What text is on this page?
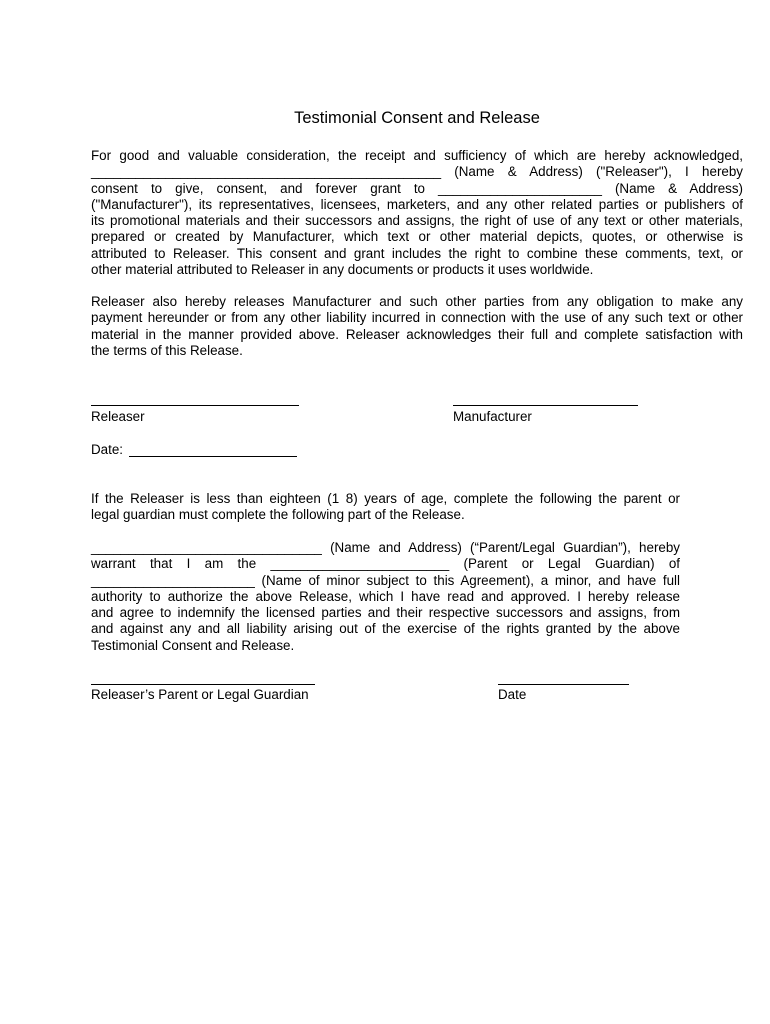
Testimonial Consent and Release
For good and valuable consideration, the receipt and sufficiency of which are hereby acknowledged,
_______________________________________________ (Name & Address) ("Releaser"), I hereby
consent to give, consent, and forever grant to ______________________ (Name & Address)
("Manufacturer"), its representatives, licensees, marketers, and any other related parties or publishers of
its promotional materials and their successors and assigns, the right of use of any text or other materials,
prepared or created by Manufacturer, which text or other material depicts, quotes, or otherwise is
attributed to Releaser. This consent and grant includes the right to combine these comments, text, or
other material attributed to Releaser in any documents or products it uses worldwide.
Releaser also hereby releases Manufacturer and such other parties from any obligation to make any
payment hereunder or from any other liability incurred in connection with the use of any such text or other
material in the manner provided above. Releaser acknowledges their full and complete satisfaction with
the terms of this Release.
Releaser	Manufacturer
Date:
If the Releaser is less than eighteen (1 8) years of age, complete the following the parent or
legal guardian must complete the following part of the Release.
_______________________________ (Name and Address) (“Parent/Legal Guardian”), hereby
warrant that I am the ________________________ (Parent or Legal Guardian) of
______________________ (Name of minor subject to this Agreement), a minor, and have full
authority to authorize the above Release, which I have read and approved. I hereby release
and agree to indemnify the licensed parties and their respective successors and assigns, from
and against any and all liability arising out of the exercise of the rights granted by the above
Testimonial Consent and Release.
Releaser’s Parent or Legal Guardian	Date
